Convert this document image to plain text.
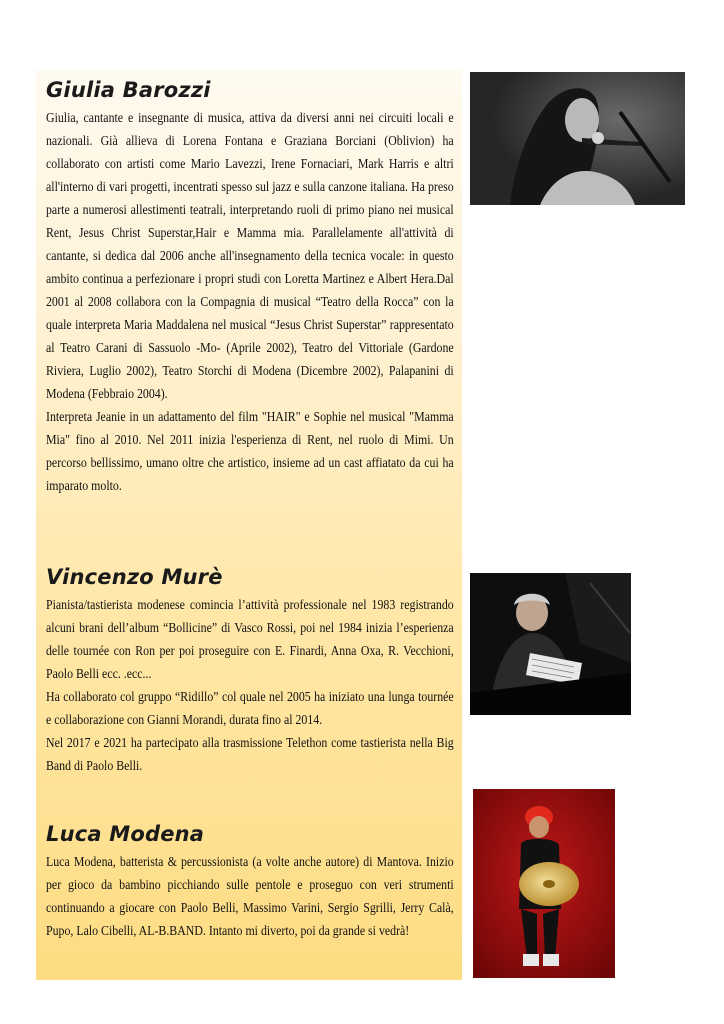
Giulia Barozzi

Giulia, cantante e insegnante di musica, attiva da diversi anni nei circuiti locali e nazionali. Già allieva di Lorena Fontana e Graziana Borciani (Oblivion) ha collaborato con artisti come Mario Lavezzi, Irene Fornaciari, Mark Harris e altri all'interno di vari progetti, incentrati spesso sul jazz e sulla canzone italiana. Ha preso parte a numerosi allestimenti teatrali, interpretando ruoli di primo piano nei musical Rent, Jesus Christ Superstar,Hair e Mamma mia. Parallelamente all'attività di cantante, si dedica dal 2006 anche all'insegnamento della tecnica vocale: in questo ambito continua a perfezionare i propri studi con Loretta Martinez e Albert Hera.Dal 2001 al 2008 collabora con la Compagnia di musical “Teatro della Rocca” con la quale interpreta Maria Maddalena nel musical “Jesus Christ Superstar” rappresentato al Teatro Carani di Sassuolo -Mo- (Aprile 2002), Teatro del Vittoriale (Gardone Riviera, Luglio 2002), Teatro Storchi di Modena (Dicembre 2002), Palapanini di Modena (Febbraio 2004).

Interpreta Jeanie in un adattamento del film "HAIR" e Sophie nel musical "Mamma Mia" fino al 2010. Nel 2011 inizia l'esperienza di Rent, nel ruolo di Mimi. Un percorso bellissimo, umano oltre che artistico, insieme ad un cast affiatato da cui ha imparato molto.

Vincenzo Murè

Pianista/tastierista modenese comincia l’attività professionale nel 1983 registrando alcuni brani dell’album “Bollicine” di Vasco Rossi, poi nel 1984 inizia l’esperienza delle tournée con Ron per poi proseguire con E. Finardi, Anna Oxa, R. Vecchioni, Paolo Belli ecc. .ecc...

Ha collaborato col gruppo “Ridillo” col quale nel 2005 ha iniziato una lunga tournée e collaborazione con Gianni Morandi, durata fino al 2014.

Nel 2017 e 2021 ha partecipato alla trasmissione Telethon come tastierista nella Big Band di Paolo Belli.

Luca Modena

Luca Modena, batterista & percussionista (a volte anche autore) di Mantova. Inizio per gioco da bambino picchiando sulle pentole e proseguo con veri strumenti continuando a giocare con Paolo Belli, Massimo Varini, Sergio Sgrilli, Jerry Calà, Pupo, Lalo Cibelli, AL-B.BAND. Intanto mi diverto, poi da grande si vedrà!
